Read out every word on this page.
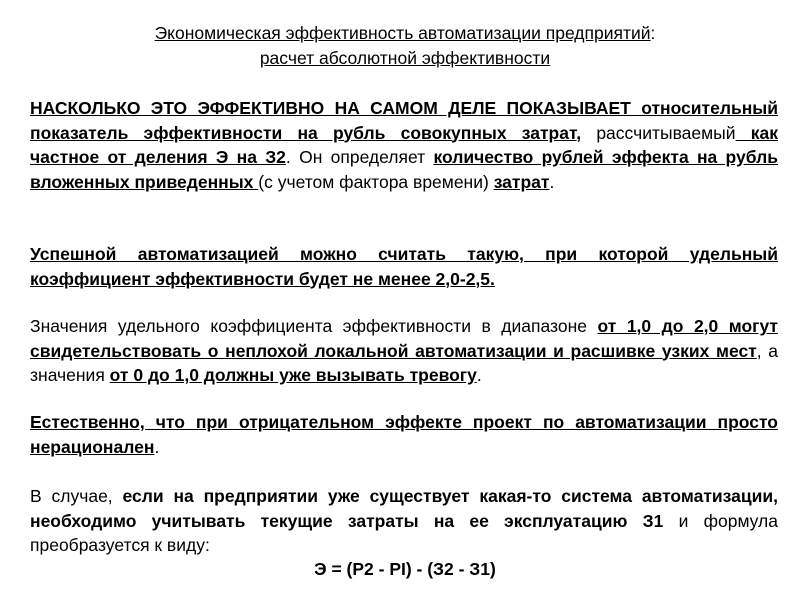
Экономическая эффективность автоматизации предприятий:
расчет абсолютной эффективности

НАСКОЛЬКО ЭТО ЭФФЕКТИВНО НА САМОМ ДЕЛЕ ПОКАЗЫВАЕТ относительный показатель эффективности на рубль совокупных затрат, рассчитываемый как частное от деления Э на З2. Он определяет количество рублей эффекта на рубль вложенных приведенных (с учетом фактора времени) затрат.

Успешной автоматизацией можно считать такую, при которой удельный коэффициент эффективности будет не менее 2,0-2,5.

Значения удельного коэффициента эффективности в диапазоне от 1,0 до 2,0 могут свидетельствовать о неплохой локальной автоматизации и расшивке узких мест, а значения от 0 до 1,0 должны уже вызывать тревогу.

Естественно, что при отрицательном эффекте проект по автоматизации просто нерационален.

В случае, если на предприятии уже существует какая-то система автоматизации, необходимо учитывать текущие затраты на ее эксплуатацию З1 и формула преобразуется к виду:

Э = (Р2 - РI) - (З2 - З1)
